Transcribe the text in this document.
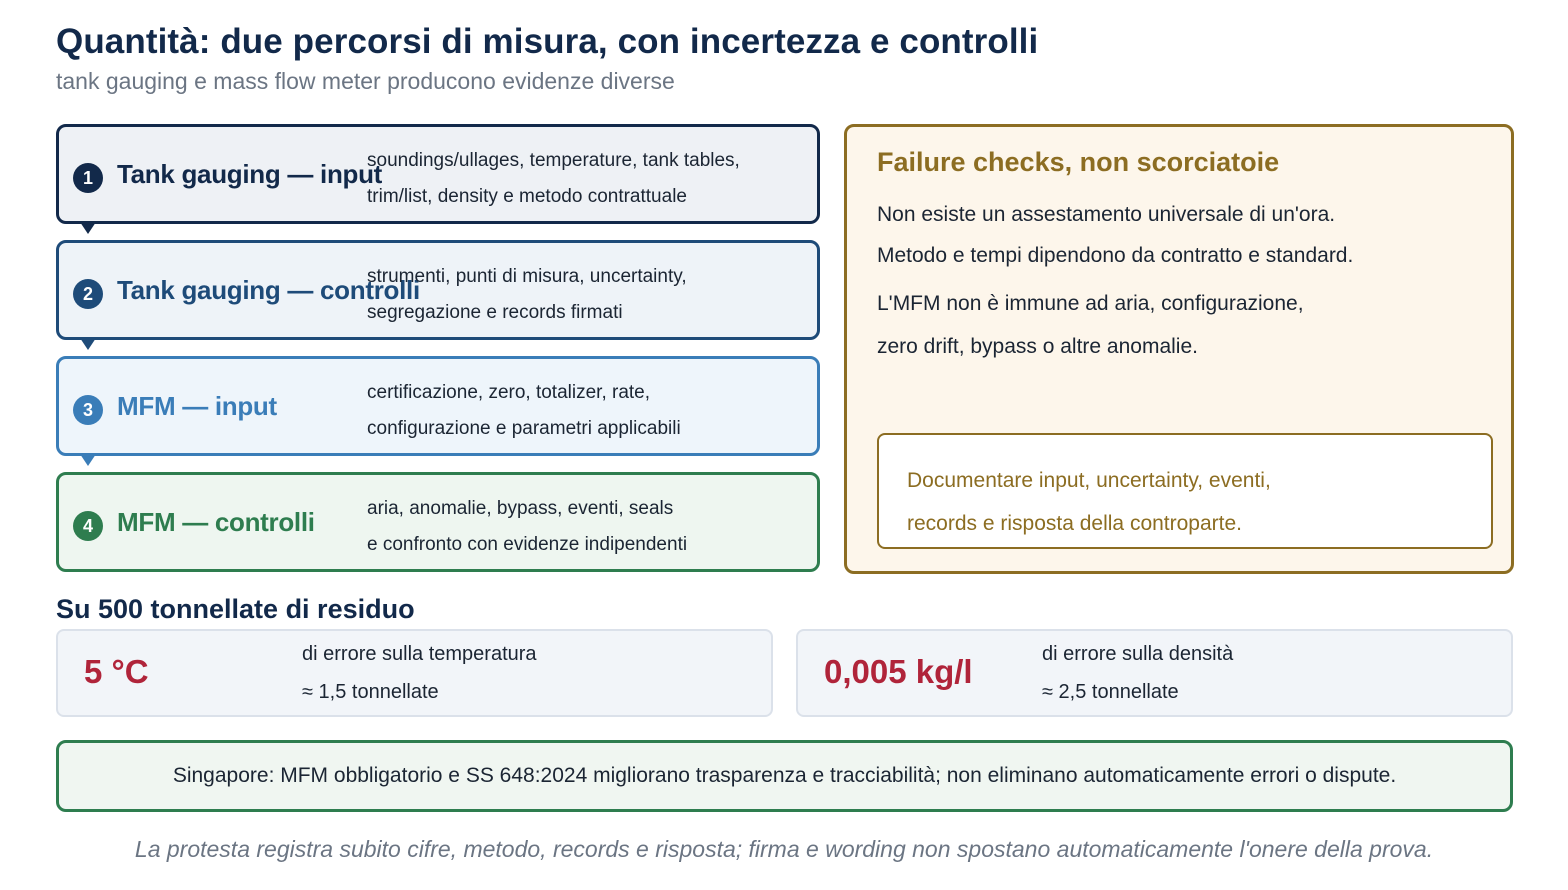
Quantità: due percorsi di misura, con incertezza e controlli
tank gauging e mass flow meter producono evidenze diverse
1 Tank gauging — input
soundings/ullages, temperature, tank tables,
trim/list, density e metodo contrattuale
2 Tank gauging — controlli
strumenti, punti di misura, uncertainty,
segregazione e records firmati
3 MFM — input	certificazione, zero, totalizer, rate,
configurazione e parametri applicabili
4 MFM — controlli	aria, anomalie, bypass, eventi, seals
e confronto con evidenze indipendenti
Failure checks, non scorciatoie
Non esiste un assestamento universale di un'ora.
Metodo e tempi dipendono da contratto e standard.
L'MFM non è immune ad aria, configurazione,
zero drift, bypass o altre anomalie.
Documentare input, uncertainty, eventi,
records e risposta della controparte.
Su 500 tonnellate di residuo
5 °C	di errore sulla temperatura
≈ 1,5 tonnellate
0,005 kg/l	di errore sulla densità
≈ 2,5 tonnellate
Singapore: MFM obbligatorio e SS 648:2024 migliorano trasparenza e tracciabilità; non eliminano automaticamente errori o dispute.
La protesta registra subito cifre, metodo, records e risposta; firma e wording non spostano automaticamente l'onere della prova.
